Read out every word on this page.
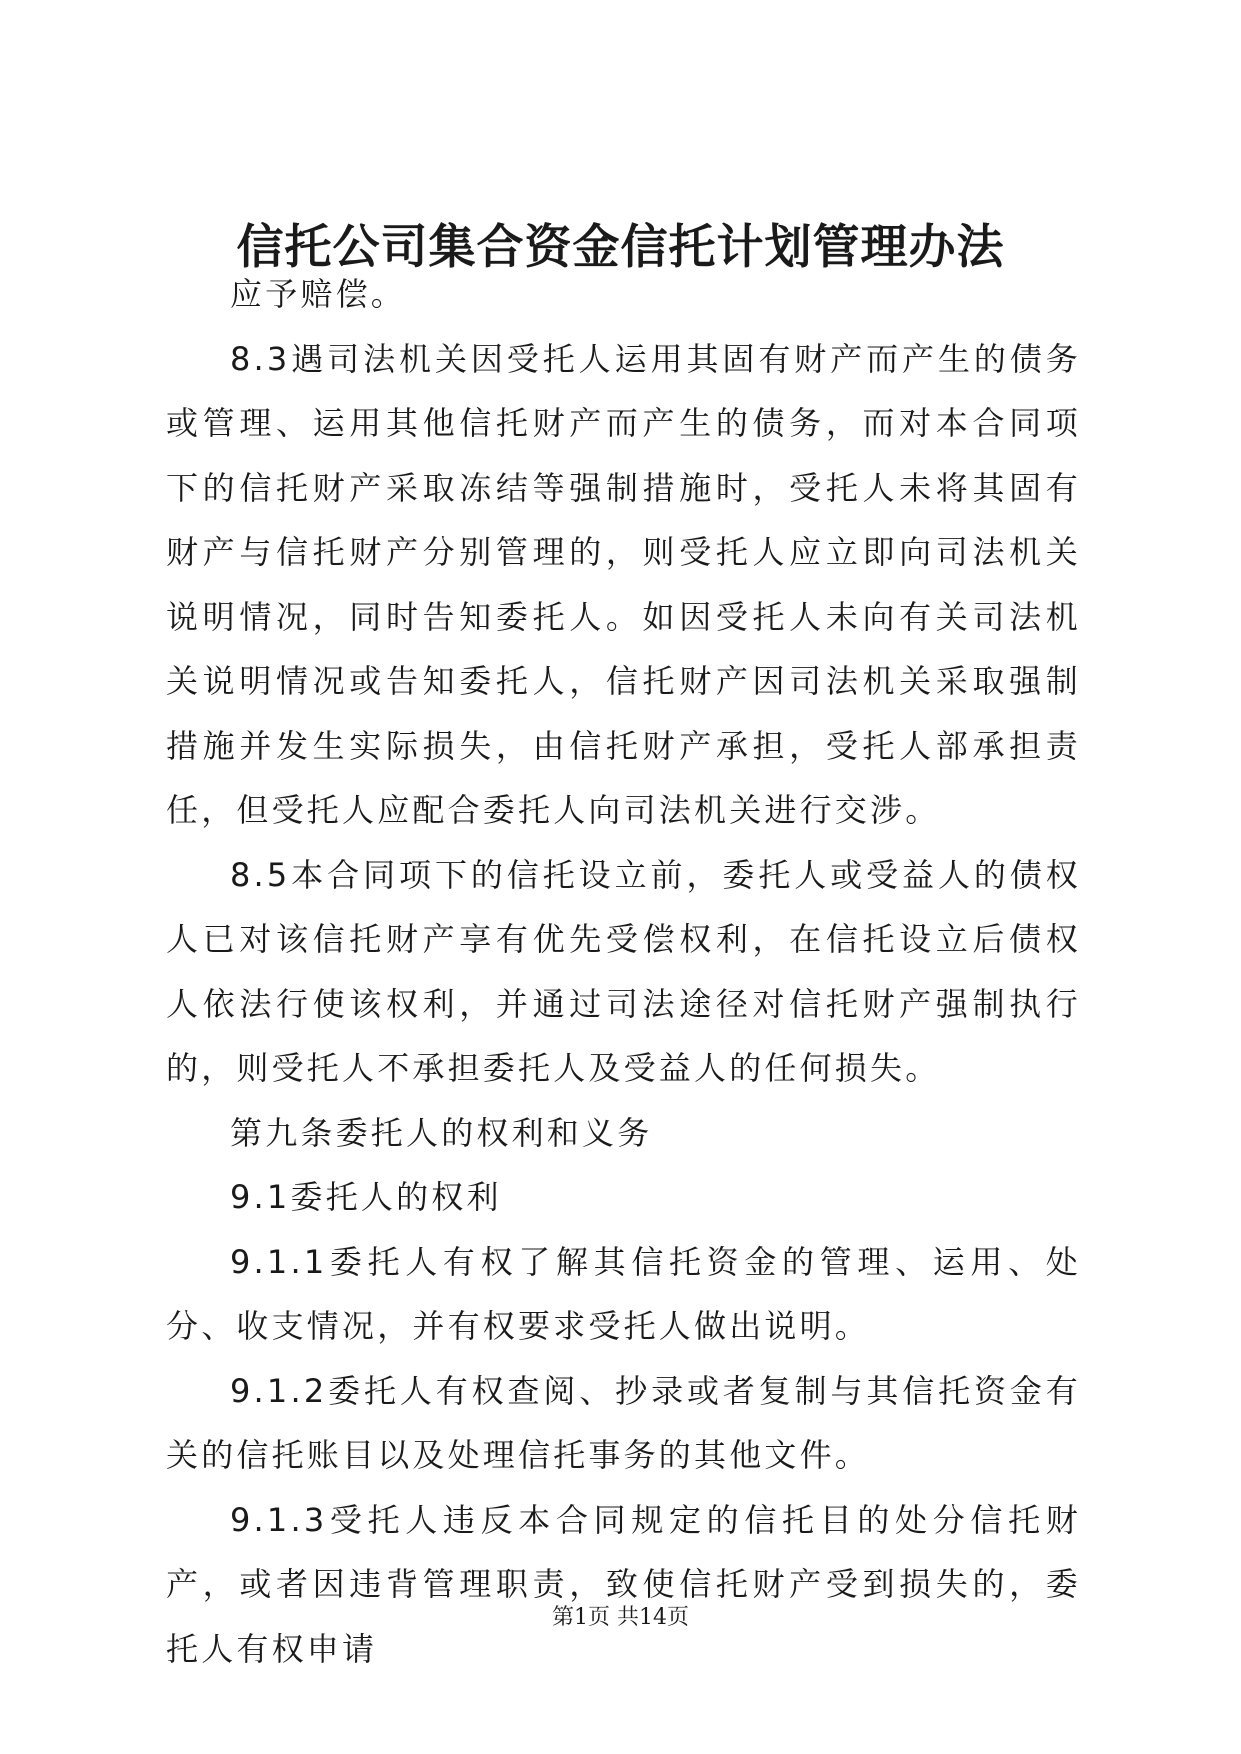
信托公司集合资金信托计划管理办法

应予赔偿。

8.3遇司法机关因受托人运用其固有财产而产生的债务或管理、运用其他信托财产而产生的债务，而对本合同项下的信托财产采取冻结等强制措施时，受托人未将其固有财产与信托财产分别管理的，则受托人应立即向司法机关说明情况，同时告知委托人。如因受托人未向有关司法机关说明情况或告知委托人，信托财产因司法机关采取强制措施并发生实际损失，由信托财产承担，受托人部承担责任，但受托人应配合委托人向司法机关进行交涉。

8.5本合同项下的信托设立前，委托人或受益人的债权人已对该信托财产享有优先受偿权利，在信托设立后债权人依法行使该权利，并通过司法途径对信托财产强制执行的，则受托人不承担委托人及受益人的任何损失。

第九条委托人的权利和义务

9.1委托人的权利

9.1.1委托人有权了解其信托资金的管理、运用、处分、收支情况，并有权要求受托人做出说明。

9.1.2委托人有权查阅、抄录或者复制与其信托资金有关的信托账目以及处理信托事务的其他文件。

9.1.3受托人违反本合同规定的信托目的处分信托财产，或者因违背管理职责，致使信托财产受到损失的，委托人有权申请

第1页 共14页
